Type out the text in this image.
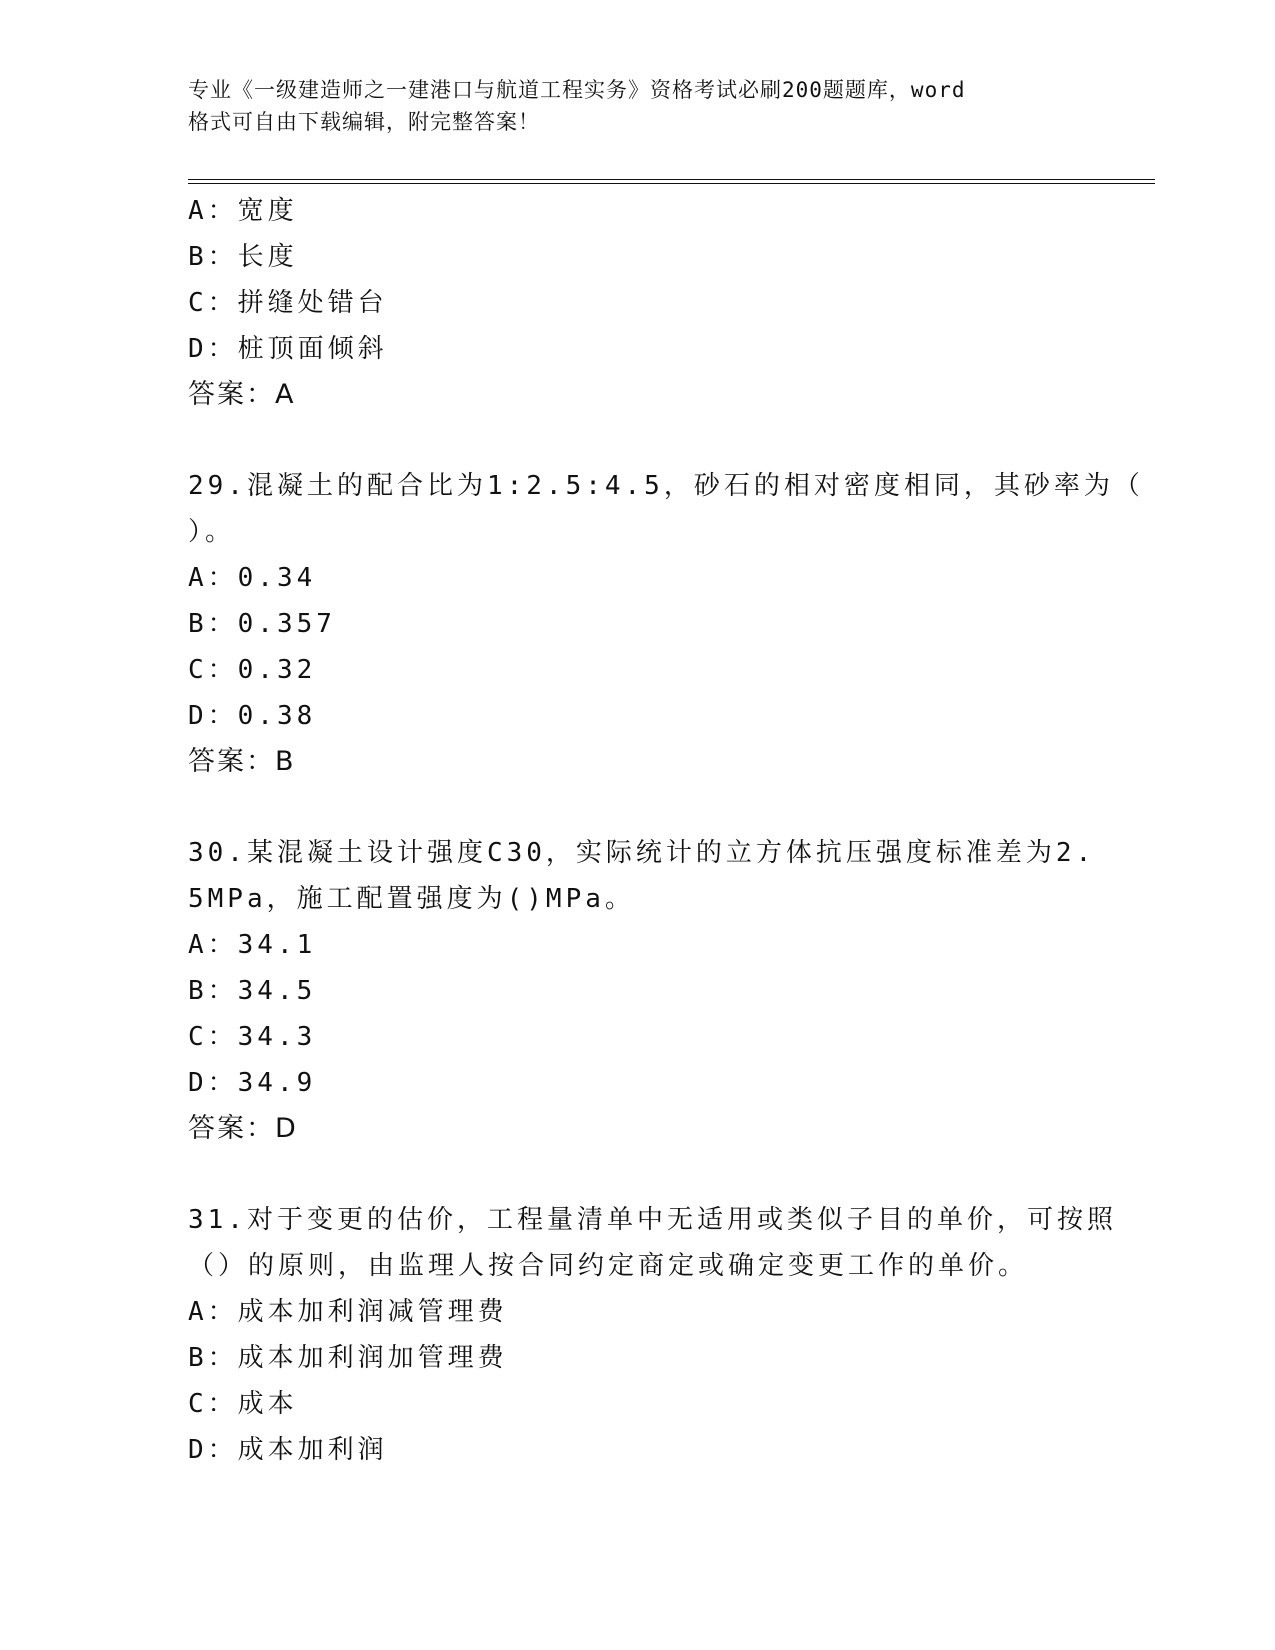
专业《一级建造师之一建港口与航道工程实务》资格考试必刷200题题库，word
格式可自由下载编辑，附完整答案！
A：宽度
B：长度
C：拼缝处错台
D：桩顶面倾斜
答案：A
29.混凝土的配合比为1:2.5:4.5，砂石的相对密度相同，其砂率为（
）。
A：0.34
B：0.357
C：0.32
D：0.38
答案：B
30.某混凝土设计强度C30，实际统计的立方体抗压强度标准差为2.
5MPa，施工配置强度为()MPa。
A：34.1
B：34.5
C：34.3
D：34.9
答案：D
31.对于变更的估价，工程量清单中无适用或类似子目的单价，可按照
（）的原则，由监理人按合同约定商定或确定变更工作的单价。
A：成本加利润减管理费
B：成本加利润加管理费
C：成本
D：成本加利润
